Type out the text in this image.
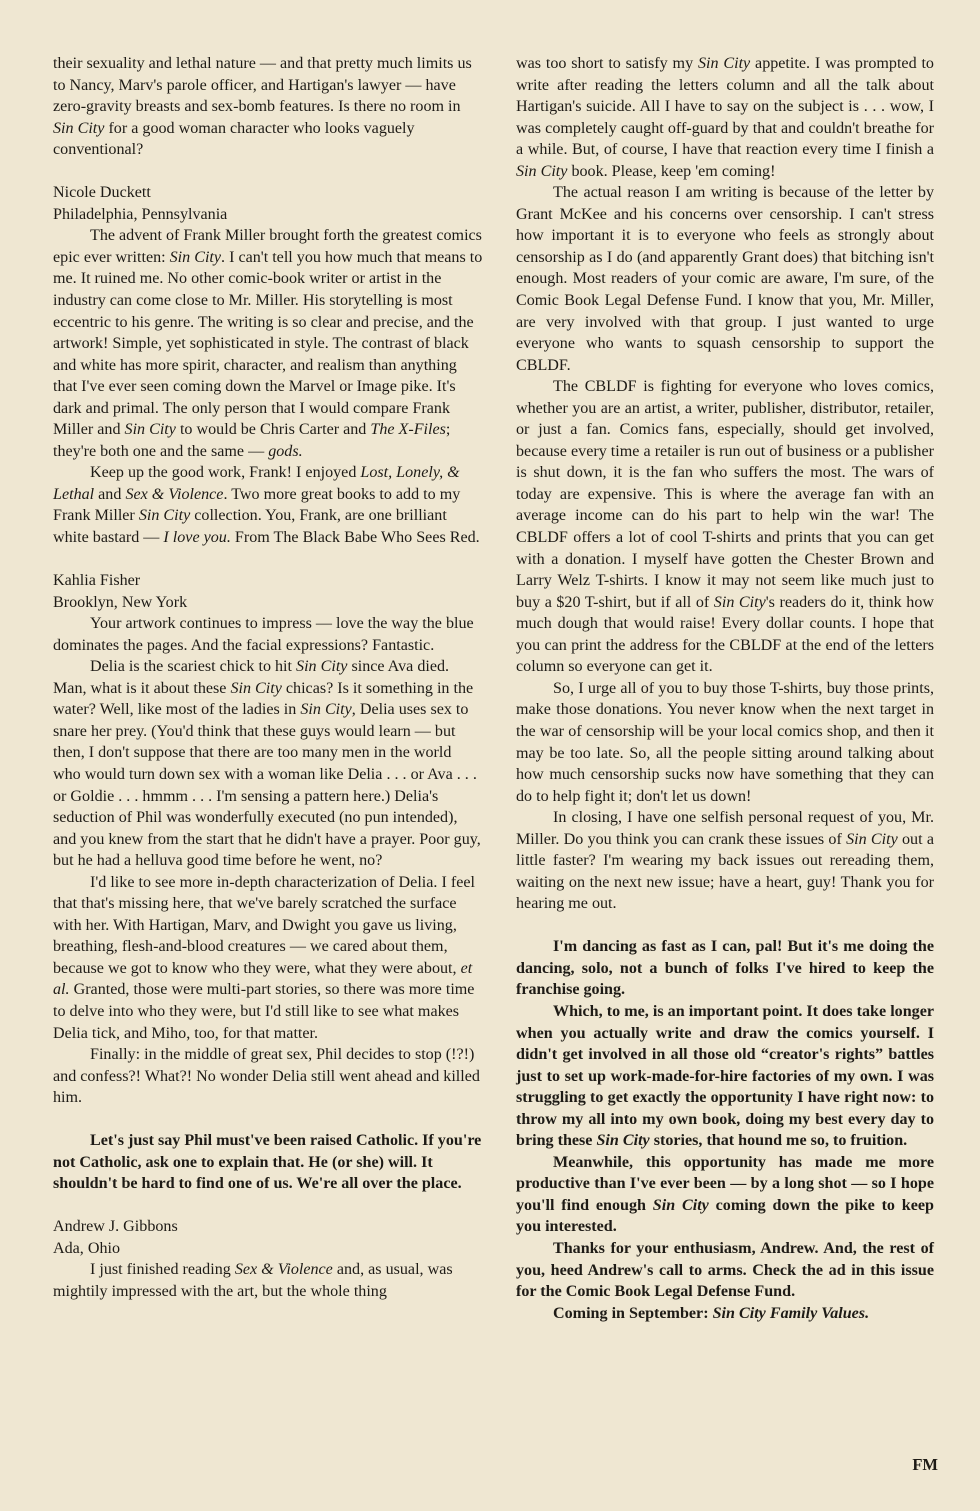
their sexuality and lethal nature — and that pretty much limits us to Nancy, Marv's parole officer, and Hartigan's lawyer — have zero-gravity breasts and sex-bomb features. Is there no room in Sin City for a good woman character who looks vaguely conventional?

Nicole Duckett

Philadelphia, Pennsylvania

The advent of Frank Miller brought forth the greatest comics epic ever written: Sin City. I can't tell you how much that means to me. It ruined me. No other comic-book writer or artist in the industry can come close to Mr. Miller. His storytelling is most eccentric to his genre. The writing is so clear and precise, and the artwork! Simple, yet sophisticated in style. The contrast of black and white has more spirit, character, and realism than anything that I've ever seen coming down the Marvel or Image pike. It's dark and primal. The only person that I would compare Frank Miller and Sin City to would be Chris Carter and The X-Files; they're both one and the same — gods.

Keep up the good work, Frank! I enjoyed Lost, Lonely, & Lethal and Sex & Violence. Two more great books to add to my Frank Miller Sin City collection. You, Frank, are one brilliant white bastard — I love you. From The Black Babe Who Sees Red.

Kahlia Fisher

Brooklyn, New York

Your artwork continues to impress — love the way the blue dominates the pages. And the facial expressions? Fantastic.

Delia is the scariest chick to hit Sin City since Ava died. Man, what is it about these Sin City chicas? Is it something in the water? Well, like most of the ladies in Sin City, Delia uses sex to snare her prey. (You'd think that these guys would learn — but then, I don't suppose that there are too many men in the world who would turn down sex with a woman like Delia . . . or Ava . . . or Goldie . . . hmmm . . . I'm sensing a pattern here.) Delia's seduction of Phil was wonderfully executed (no pun intended), and you knew from the start that he didn't have a prayer. Poor guy, but he had a helluva good time before he went, no?

I'd like to see more in-depth characterization of Delia. I feel that that's missing here, that we've barely scratched the surface with her. With Hartigan, Marv, and Dwight you gave us living, breathing, flesh-and-blood creatures — we cared about them, because we got to know who they were, what they were about, et al. Granted, those were multi-part stories, so there was more time to delve into who they were, but I'd still like to see what makes Delia tick, and Miho, too, for that matter.

Finally: in the middle of great sex, Phil decides to stop (!?!) and confess?! What?! No wonder Delia still went ahead and killed him.

Let's just say Phil must've been raised Catholic. If you're not Catholic, ask one to explain that. He (or she) will. It shouldn't be hard to find one of us. We're all over the place.

Andrew J. Gibbons

Ada, Ohio

I just finished reading Sex & Violence and, as usual, was mightily impressed with the art, but the whole thing

was too short to satisfy my Sin City appetite. I was prompted to write after reading the letters column and all the talk about Hartigan's suicide. All I have to say on the subject is . . . wow, I was completely caught off-guard by that and couldn't breathe for a while. But, of course, I have that reaction every time I finish a Sin City book. Please, keep 'em coming!

The actual reason I am writing is because of the letter by Grant McKee and his concerns over censorship. I can't stress how important it is to everyone who feels as strongly about censorship as I do (and apparently Grant does) that bitching isn't enough. Most readers of your comic are aware, I'm sure, of the Comic Book Legal Defense Fund. I know that you, Mr. Miller, are very involved with that group. I just wanted to urge everyone who wants to squash censorship to support the CBLDF.

The CBLDF is fighting for everyone who loves comics, whether you are an artist, a writer, publisher, distributor, retailer, or just a fan. Comics fans, especially, should get involved, because every time a retailer is run out of business or a publisher is shut down, it is the fan who suffers the most. The wars of today are expensive. This is where the average fan with an average income can do his part to help win the war! The CBLDF offers a lot of cool T-shirts and prints that you can get with a donation. I myself have gotten the Chester Brown and Larry Welz T-shirts. I know it may not seem like much just to buy a $20 T-shirt, but if all of Sin City's readers do it, think how much dough that would raise! Every dollar counts. I hope that you can print the address for the CBLDF at the end of the letters column so everyone can get it.

So, I urge all of you to buy those T-shirts, buy those prints, make those donations. You never know when the next target in the war of censorship will be your local comics shop, and then it may be too late. So, all the people sitting around talking about how much censorship sucks now have something that they can do to help fight it; don't let us down!

In closing, I have one selfish personal request of you, Mr. Miller. Do you think you can crank these issues of Sin City out a little faster? I'm wearing my back issues out rereading them, waiting on the next new issue; have a heart, guy! Thank you for hearing me out.

I'm dancing as fast as I can, pal! But it's me doing the dancing, solo, not a bunch of folks I've hired to keep the franchise going.

Which, to me, is an important point. It does take longer when you actually write and draw the comics yourself. I didn't get involved in all those old “creator's rights” battles just to set up work-made-for-hire factories of my own. I was struggling to get exactly the opportunity I have right now: to throw my all into my own book, doing my best every day to bring these Sin City stories, that hound me so, to fruition.

Meanwhile, this opportunity has made me more productive than I've ever been — by a long shot — so I hope you'll find enough Sin City coming down the pike to keep you interested.

Thanks for your enthusiasm, Andrew. And, the rest of you, heed Andrew's call to arms. Check the ad in this issue for the Comic Book Legal Defense Fund.

Coming in September: Sin City Family Values.

FM
